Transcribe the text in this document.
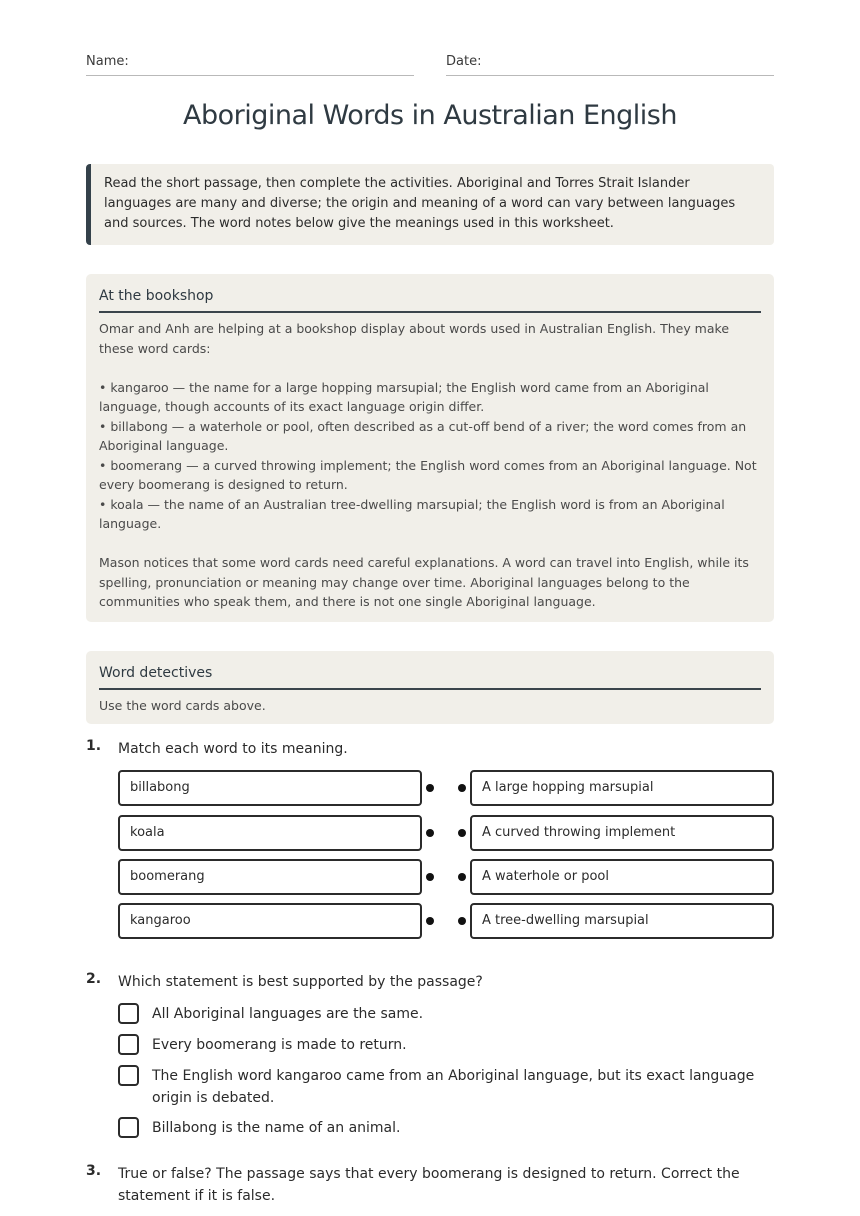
Name:	Date:
Aboriginal Words in Australian English
Read the short passage, then complete the activities. Aboriginal and Torres Strait Islander languages are many and diverse; the origin and meaning of a word can vary between languages and sources. The word notes below give the meanings used in this worksheet.
At the bookshop

Omar and Anh are helping at a bookshop display about words used in Australian English. They make these word cards:

• kangaroo — the name for a large hopping marsupial; the English word came from an Aboriginal language, though accounts of its exact language origin differ.

• billabong — a waterhole or pool, often described as a cut-off bend of a river; the word comes from an Aboriginal language.

• boomerang — a curved throwing implement; the English word comes from an Aboriginal language. Not every boomerang is designed to return.

• koala — the name of an Australian tree-dwelling marsupial; the English word is from an Aboriginal language.

Mason notices that some word cards need careful explanations. A word can travel into English, while its spelling, pronunciation or meaning may change over time. Aboriginal languages belong to the communities who speak them, and there is not one single Aboriginal language.

Word detectives
Use the word cards above.
1. Match each word to its meaning.
billabong	A large hopping marsupial
koala	A curved throwing implement
boomerang	A waterhole or pool
kangaroo	A tree-dwelling marsupial
2. Which statement is best supported by the passage?
All Aboriginal languages are the same.
Every boomerang is made to return.
The English word kangaroo came from an Aboriginal language, but its exact language origin is debated.
Billabong is the name of an animal.
3. True or false? The passage says that every boomerang is designed to return. Correct the statement if it is false.
